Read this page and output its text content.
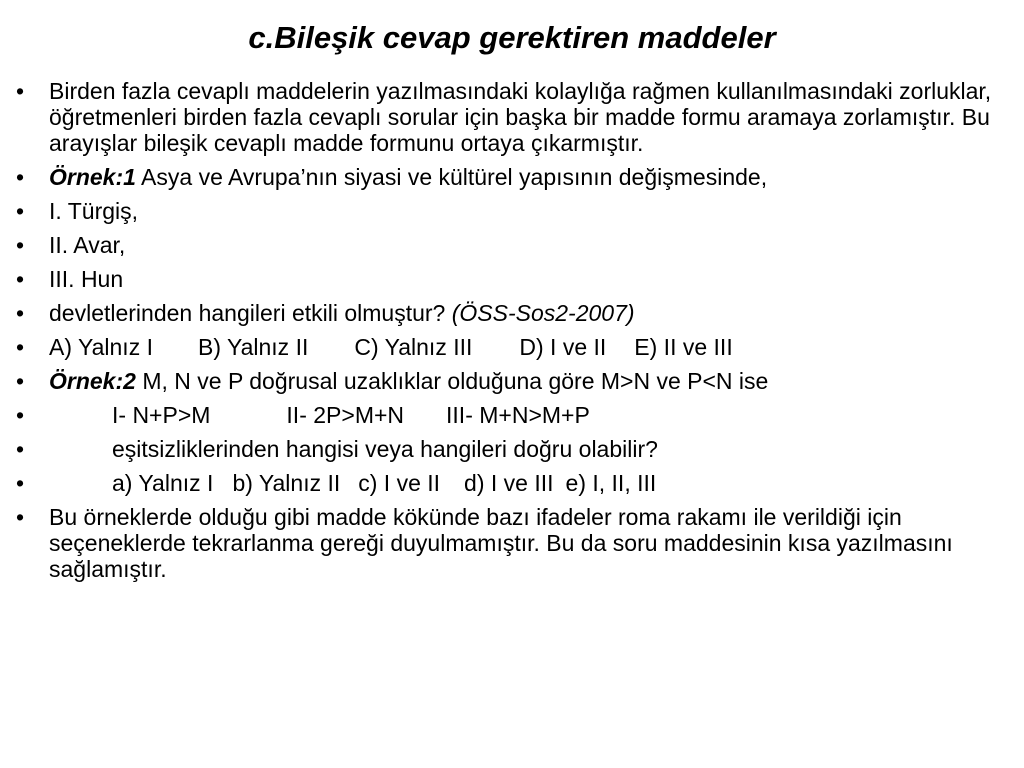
c.Bileşik cevap gerektiren maddeler
• Birden fazla cevaplı maddelerin yazılmasındaki kolaylığa rağmen kullanılmasındaki zorluklar, öğretmenleri birden fazla cevaplı sorular için başka bir madde formu aramaya zorlamıştır. Bu arayışlar bileşik cevaplı madde formunu ortaya çıkarmıştır.
• Örnek:1 Asya ve Avrupa’nın siyasi ve kültürel yapısının değişmesinde,
• I. Türgiş,
• II. Avar,
• III. Hun
• devletlerinden hangileri etkili olmuştur? (ÖSS-Sos2-2007)
• A) Yalnız I B) Yalnız II C) Yalnız III D) I ve II E) II ve III
• Örnek:2 M, N ve P doğrusal uzaklıklar olduğuna göre M>N ve P<N ise
•	I- N+P>M	II- 2P>M+N III- M+N>M+P
•	eşitsizliklerinden hangisi veya hangileri doğru olabilir?
•	a) Yalnız I b) Yalnız II c) I ve II d) I ve III e) I, II, III
• Bu örneklerde olduğu gibi madde kökünde bazı ifadeler roma rakamı ile verildiği için seçeneklerde tekrarlanma gereği duyulmamıştır. Bu da soru maddesinin kısa yazılmasını sağlamıştır.
